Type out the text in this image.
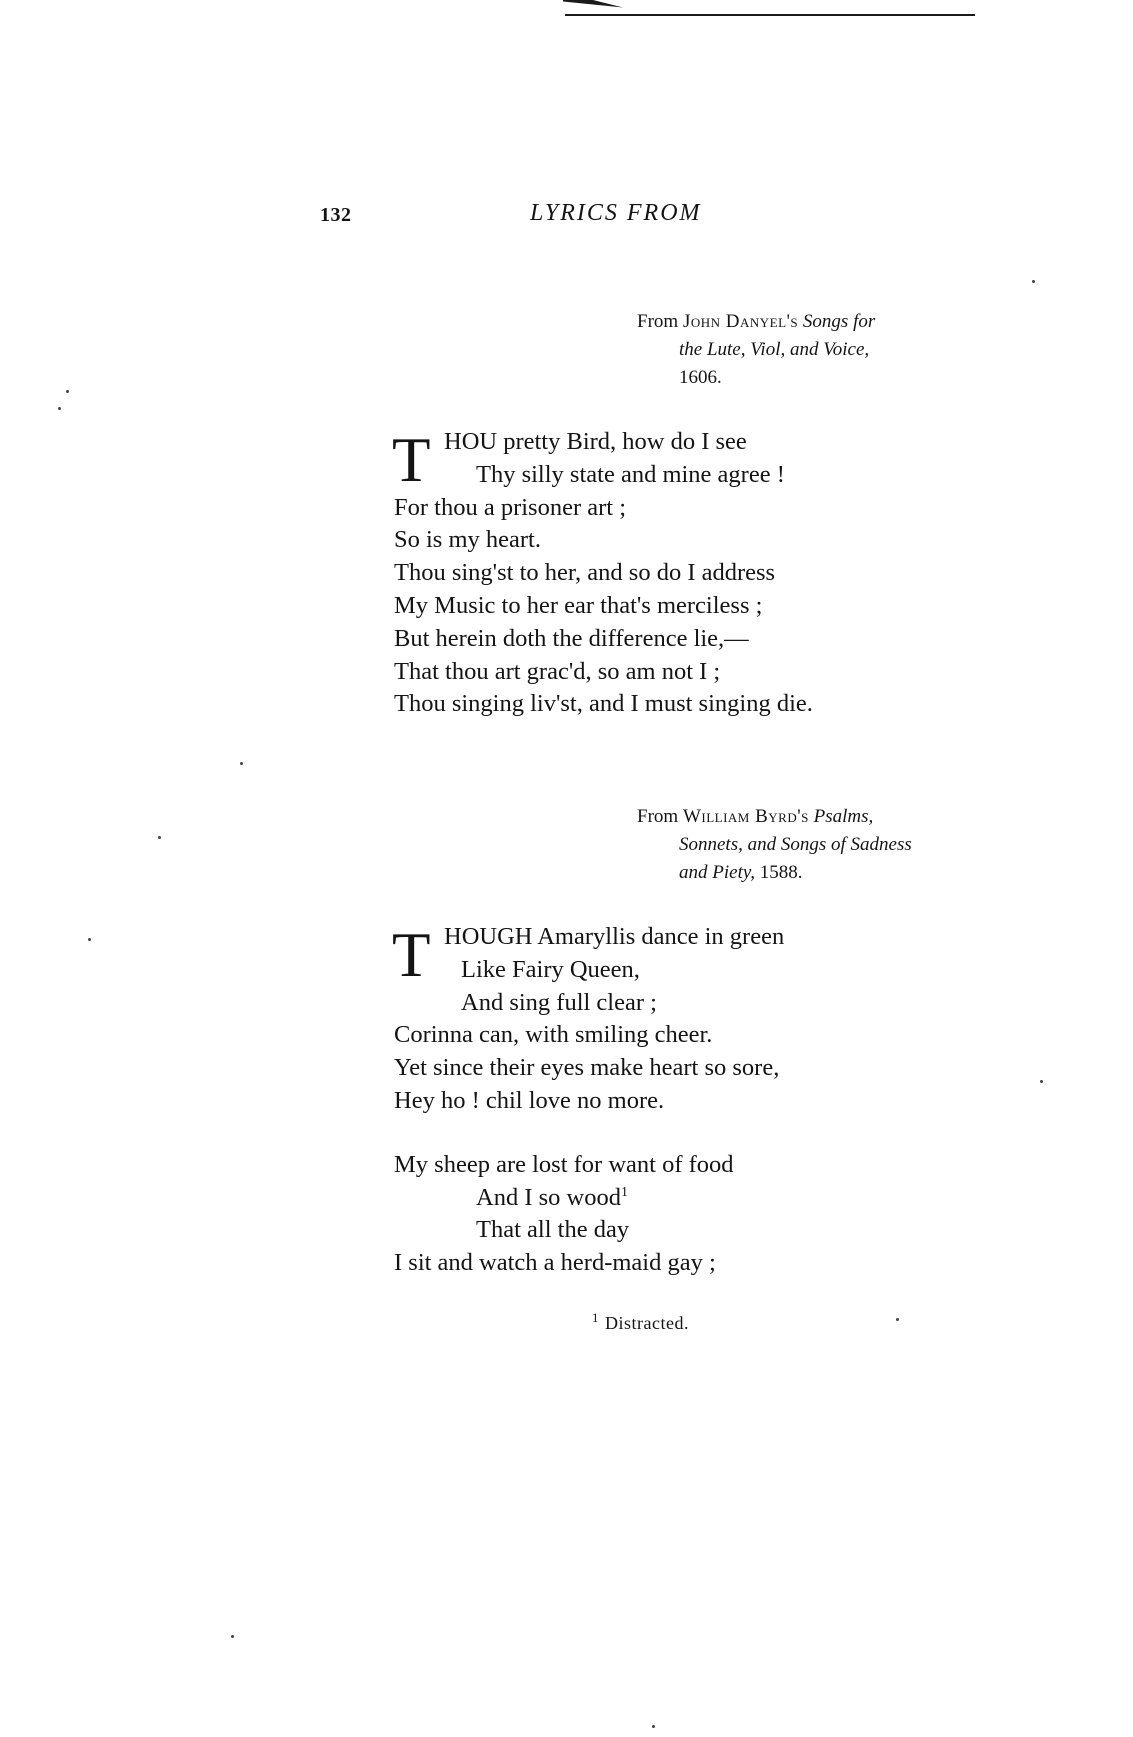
132	LYRICS FROM
From John Danyel's Songs for
the Lute, Viol, and Voice,
1606.
T HOU pretty Bird, how do I see
Thy silly state and mine agree !
For thou a prisoner art ;
So is my heart.
Thou sing'st to her, and so do I address
My Music to her ear that's merciless ;
But herein doth the difference lie,—
That thou art grac'd, so am not I ;
Thou singing liv'st, and I must singing die.
From William Byrd's Psalms,
Sonnets, and Songs of Sadness
and Piety, 1588.
T HOUGH Amaryllis dance in green
Like Fairy Queen,
And sing full clear ;
Corinna can, with smiling cheer.
Yet since their eyes make heart so sore,
Hey ho ! chil love no more.
My sheep are lost for want of food
And I so wood$^1$
That all the day
I sit and watch a herd-maid gay ;
$^1$ Distracted.
